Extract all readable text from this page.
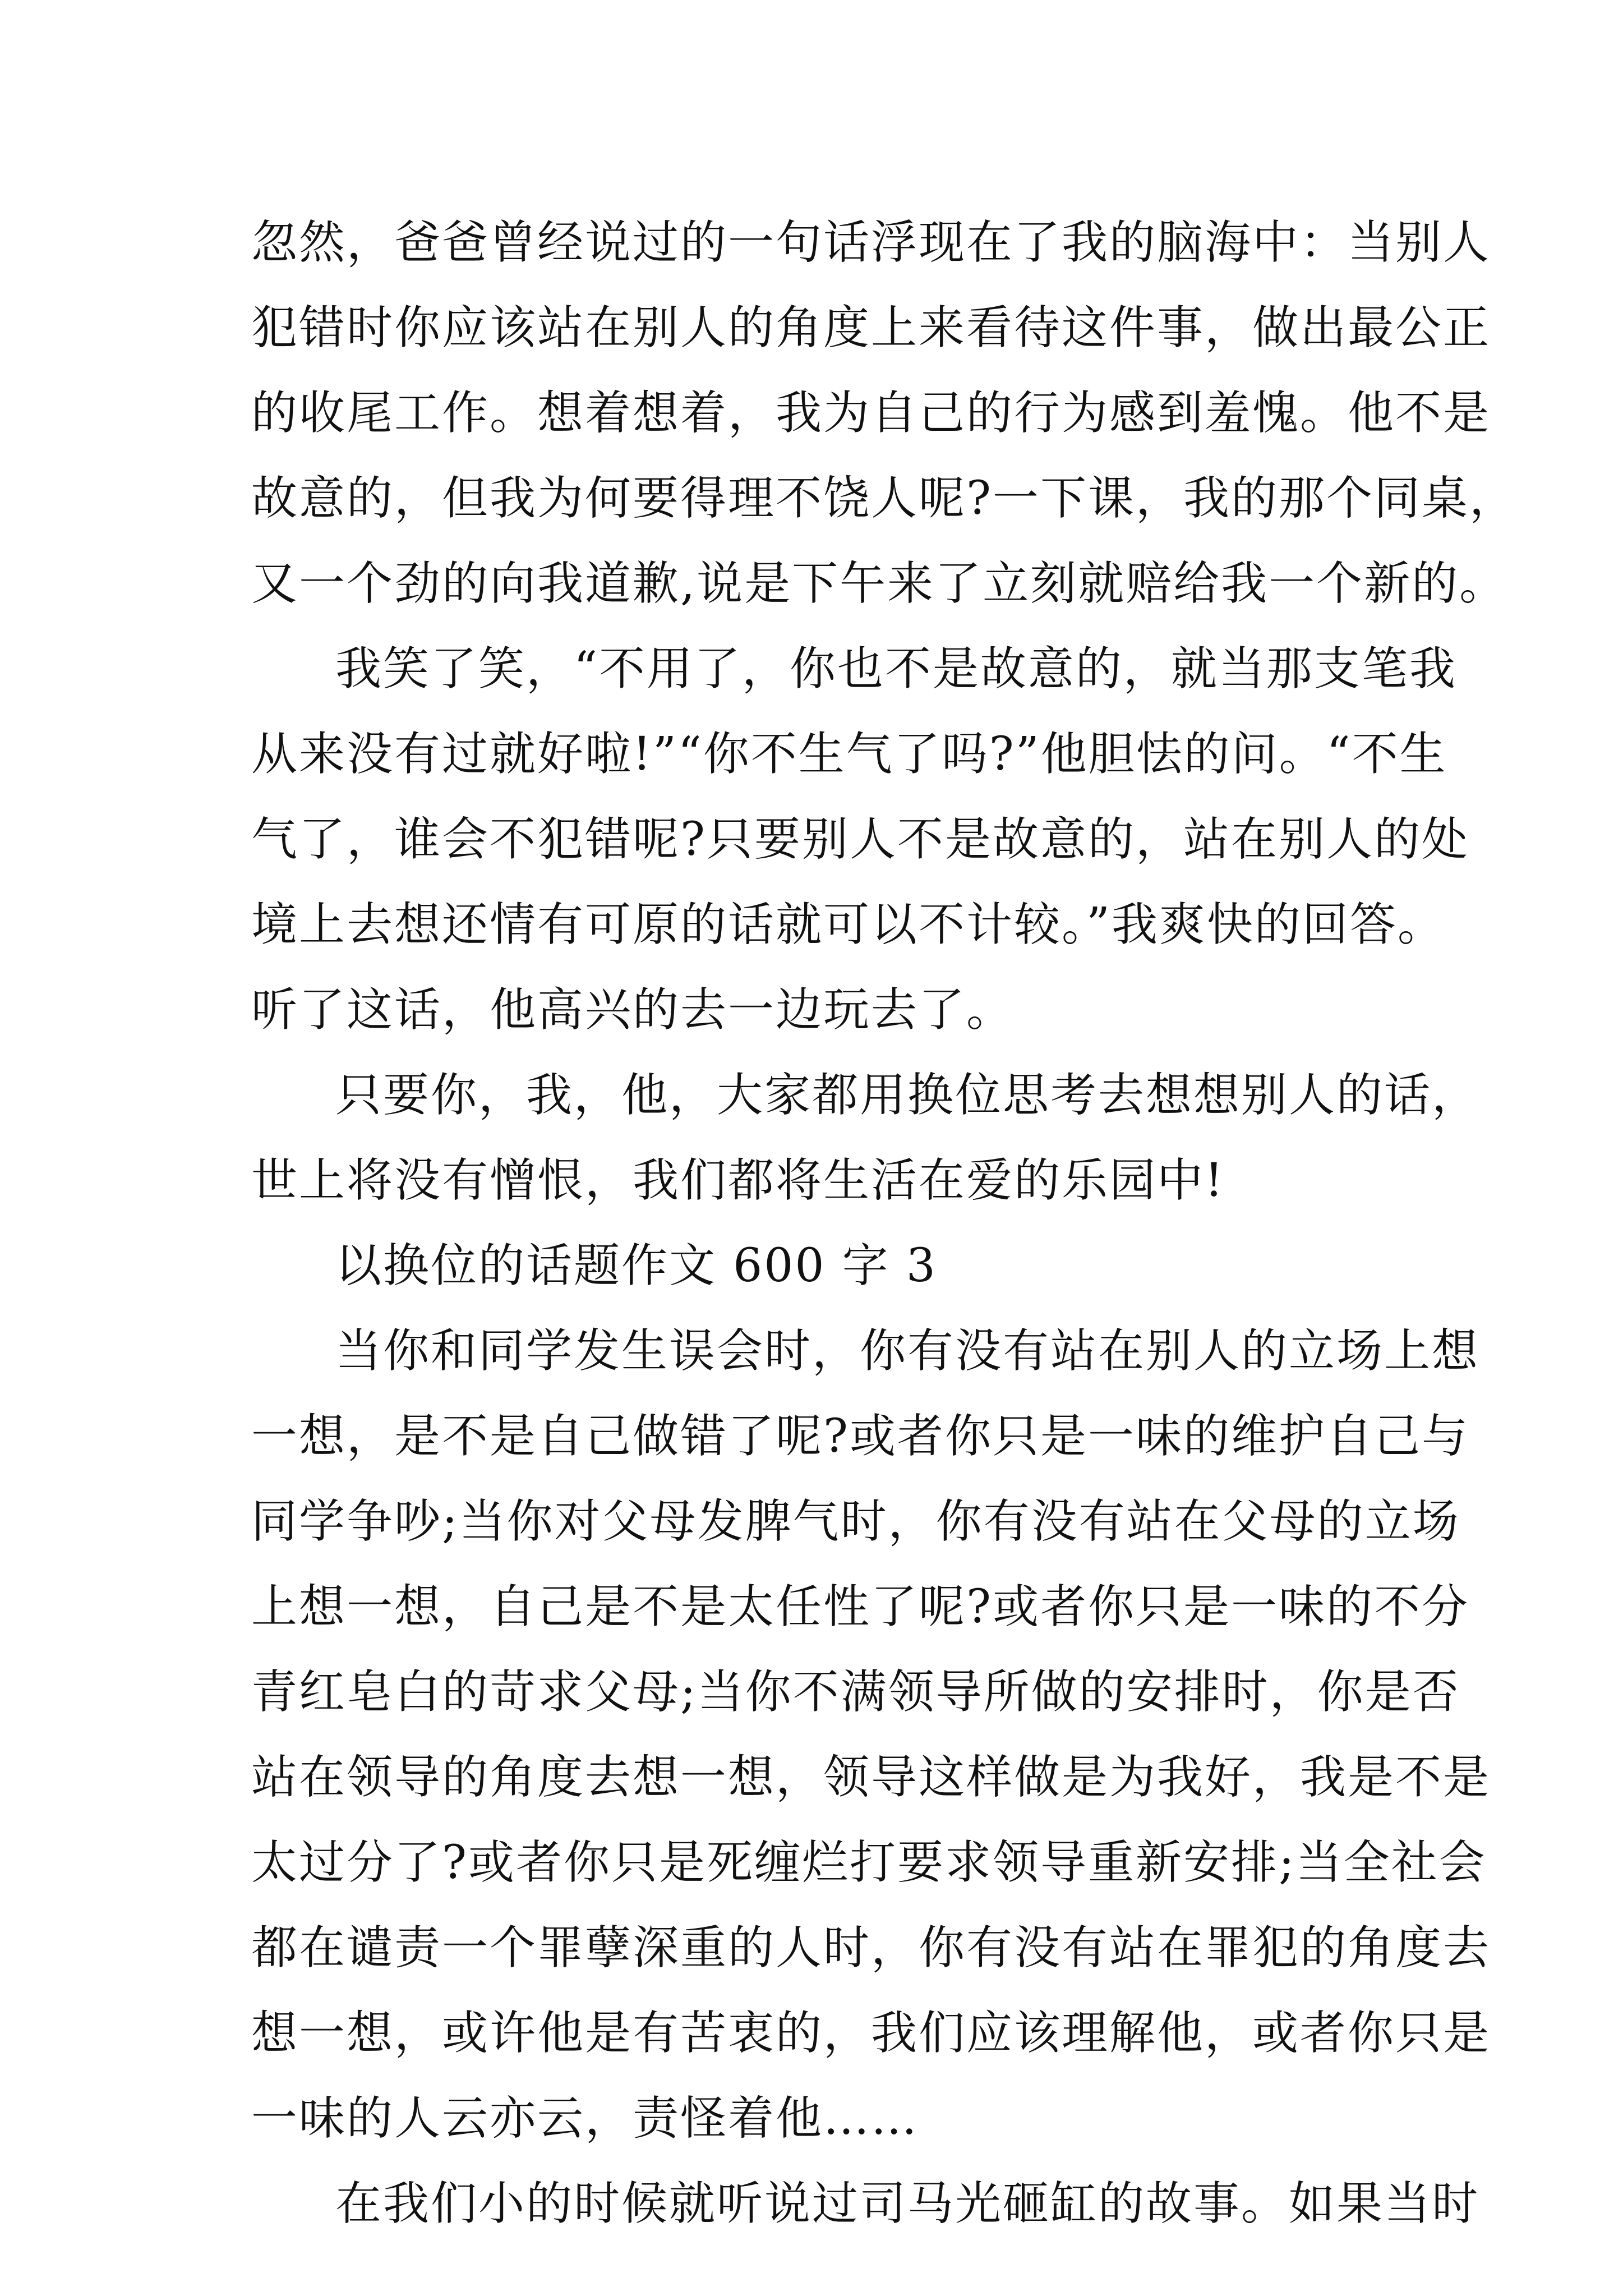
忽然，爸爸曾经说过的一句话浮现在了我的脑海中：当别人
犯错时你应该站在别人的角度上来看待这件事，做出最公正
的收尾工作。想着想着，我为自己的行为感到羞愧。他不是
故意的，但我为何要得理不饶人呢?一下课，我的那个同桌，
又一个劲的向我道歉,说是下午来了立刻就赔给我一个新的。
我笑了笑，“不用了，你也不是故意的，就当那支笔我
从来没有过就好啦!”“你不生气了吗?”他胆怯的问。“不生
气了，谁会不犯错呢?只要别人不是故意的，站在别人的处
境上去想还情有可原的话就可以不计较。”我爽快的回答。
听了这话，他高兴的去一边玩去了。
只要你，我，他，大家都用换位思考去想想别人的话，
世上将没有憎恨，我们都将生活在爱的乐园中!
以换位的话题作文 600 字 3
当你和同学发生误会时，你有没有站在别人的立场上想
一想，是不是自己做错了呢?或者你只是一味的维护自己与
同学争吵;当你对父母发脾气时，你有没有站在父母的立场
上想一想，自己是不是太任性了呢?或者你只是一味的不分
青红皂白的苛求父母;当你不满领导所做的安排时，你是否
站在领导的角度去想一想，领导这样做是为我好，我是不是
太过分了?或者你只是死缠烂打要求领导重新安排;当全社会
都在谴责一个罪孽深重的人时，你有没有站在罪犯的角度去
想一想，或许他是有苦衷的，我们应该理解他，或者你只是
一味的人云亦云，责怪着他……
在我们小的时候就听说过司马光砸缸的故事。如果当时
